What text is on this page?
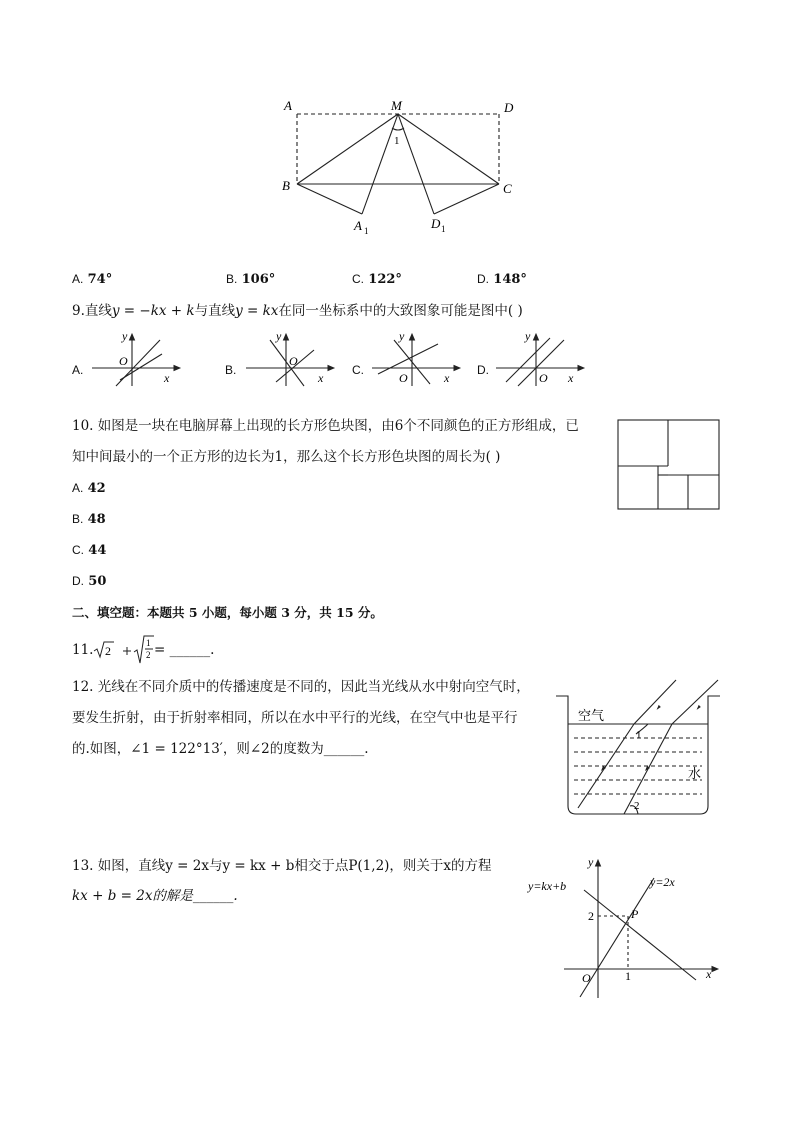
A	M	D
B	C
1
A 1	D 1
A. 74°	B. 106°	C. 122°	D. 148°
9.直线y = −kx + k与直线y = kx在同一坐标系中的大致图象可能是图中( )
A.
y
O
x
B.
y
O
x
C.
y
O	x
D.
y
O x
10. 如图是一块在电脑屏幕上出现的长方形色块图，由6个不同颜色的正方形组成，已
知中间最小的一个正方形的边长为1，那么这个长方形色块图的周长为( )
A. 42
B. 48
C. 44
D. 50
二、填空题：本题共 5 小题，每小题 3 分，共 15 分。
11. 2
1
2 = ______.
12. 光线在不同介质中的传播速度是不同的，因此当光线从水中射向空气时，
要发生折射，由于折射率相同，所以在水中平行的光线，在空气中也是平行
的.如图，∠1 = 122°13′，则∠2的度数为______.
空气
水
1
2
13. 如图，直线y = 2x与y = kx + b相交于点P(1,2)，则关于x的方程
kx + b = 2x的解是______.
y=kx+b	y=2x
y
x
O
P
2
1
